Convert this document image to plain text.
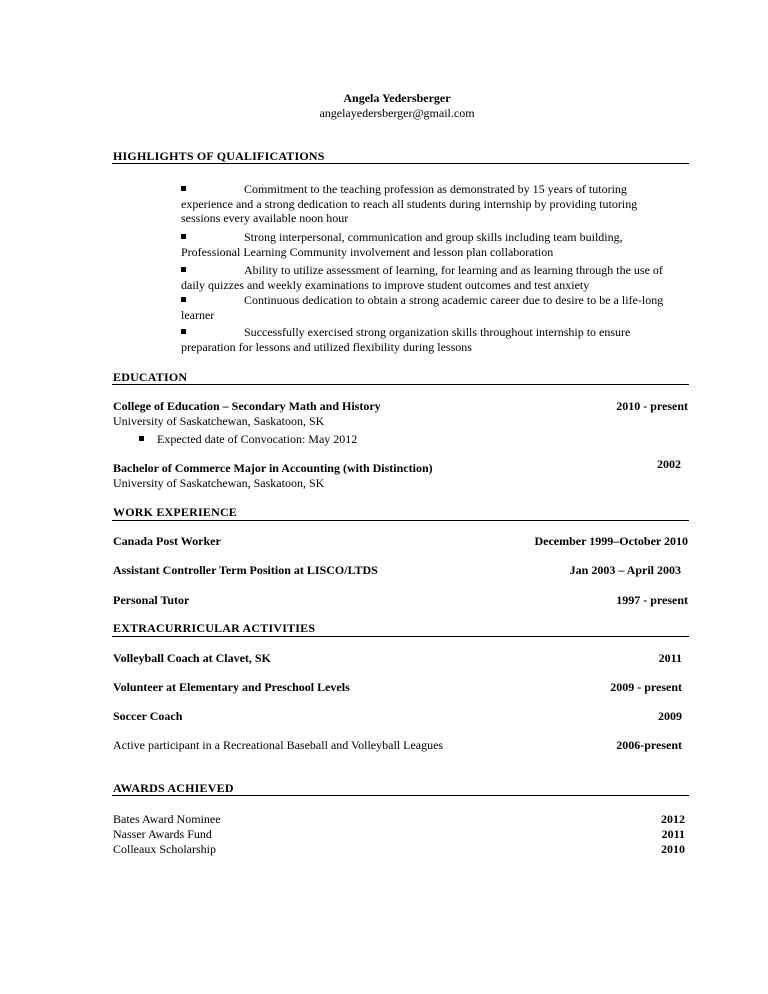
Angela Yedersberger
angelayedersberger@gmail.com
HIGHLIGHTS OF QUALIFICATIONS
Commitment to the teaching profession as demonstrated by 15 years of tutoring experience and a strong dedication to reach all students during internship by providing tutoring sessions every available noon hour
Strong interpersonal, communication and group skills including team building, Professional Learning Community involvement and lesson plan collaboration
Ability to utilize assessment of learning, for learning and as learning through the use of daily quizzes and weekly examinations to improve student outcomes and test anxiety
Continuous dedication to obtain a strong academic career due to desire to be a life-long learner
Successfully exercised strong organization skills throughout internship to ensure preparation for lessons and utilized flexibility during lessons
EDUCATION
College of Education – Secondary Math and History	2010 - present
University of Saskatchewan, Saskatoon, SK
Expected date of Convocation: May 2012
Bachelor of Commerce Major in Accounting (with Distinction)	2002
University of Saskatchewan, Saskatoon, SK
WORK EXPERIENCE
Canada Post Worker	December 1999–October 2010
Assistant Controller Term Position at LISCO/LTDS	Jan 2003 – April 2003
Personal Tutor	1997 - present
EXTRACURRICULAR ACTIVITIES
Volleyball Coach at Clavet, SK	2011
Volunteer at Elementary and Preschool Levels	2009 - present
Soccer Coach	2009
Active participant in a Recreational Baseball and Volleyball Leagues	2006-present
AWARDS ACHIEVED
Bates Award Nominee	2012
Nasser Awards Fund	2011
Colleaux Scholarship	2010
